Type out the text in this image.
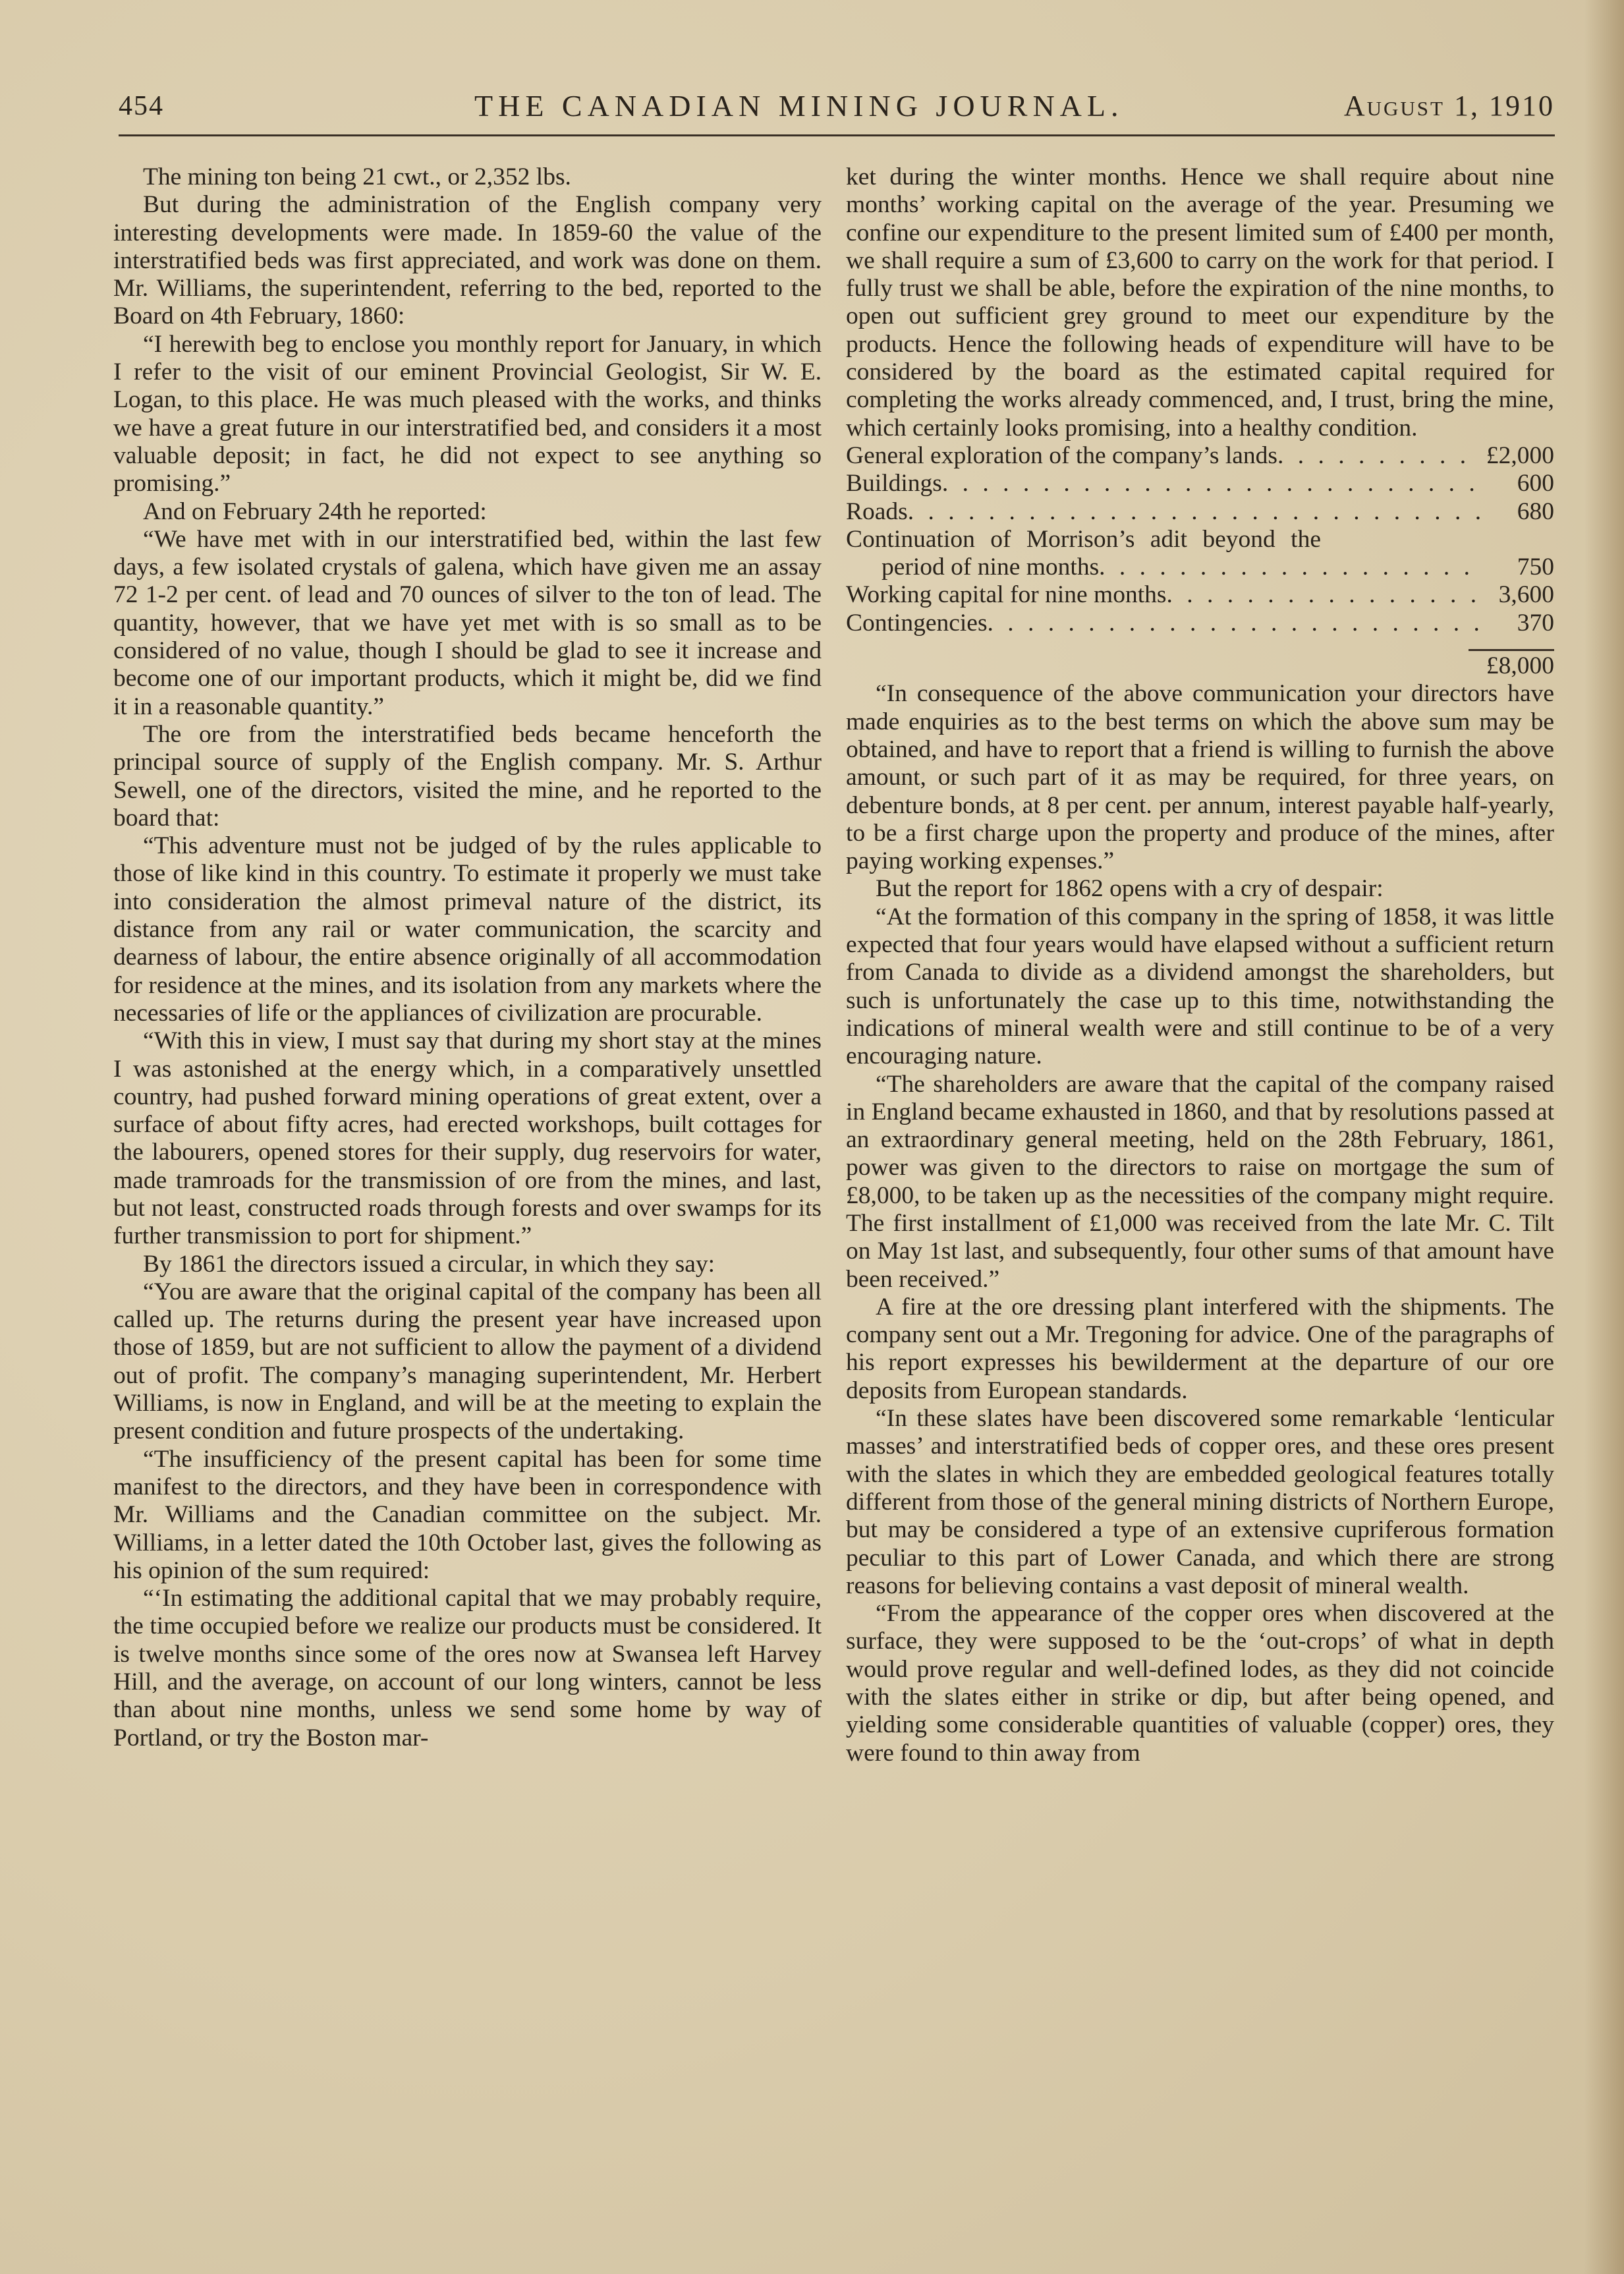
454	THE CANADIAN MINING JOURNAL.	August 1, 1910

The mining ton being 21 cwt., or 2,352 lbs.

But during the administration of the English company very interesting developments were made. In 1859-60 the value of the interstratified beds was first appreciated, and work was done on them. Mr. Williams, the superintendent, referring to the bed, reported to the Board on 4th February, 1860:

“I herewith beg to enclose you monthly report for January, in which I refer to the visit of our eminent Provincial Geologist, Sir W. E. Logan, to this place. He was much pleased with the works, and thinks we have a great future in our interstratified bed, and considers it a most valuable deposit; in fact, he did not expect to see anything so promising.”

And on February 24th he reported:

“We have met with in our interstratified bed, within the last few days, a few isolated crystals of galena, which have given me an assay 72 1-2 per cent. of lead and 70 ounces of silver to the ton of lead. The quantity, however, that we have yet met with is so small as to be considered of no value, though I should be glad to see it increase and become one of our important products, which it might be, did we find it in a reasonable quantity.”

The ore from the interstratified beds became henceforth the principal source of supply of the English company. Mr. S. Arthur Sewell, one of the directors, visited the mine, and he reported to the board that:

“This adventure must not be judged of by the rules applicable to those of like kind in this country. To estimate it properly we must take into consideration the almost primeval nature of the district, its distance from any rail or water communication, the scarcity and dearness of labour, the entire absence originally of all accommodation for residence at the mines, and its isolation from any markets where the necessaries of life or the appliances of civilization are procurable.

“With this in view, I must say that during my short stay at the mines I was astonished at the energy which, in a comparatively unsettled country, had pushed forward mining operations of great extent, over a surface of about fifty acres, had erected workshops, built cottages for the labourers, opened stores for their supply, dug reservoirs for water, made tramroads for the transmission of ore from the mines, and last, but not least, constructed roads through forests and over swamps for its further transmission to port for shipment.”

By 1861 the directors issued a circular, in which they say:

“You are aware that the original capital of the company has been all called up. The returns during the present year have increased upon those of 1859, but are not sufficient to allow the payment of a dividend out of profit. The company’s managing superintendent, Mr. Herbert Williams, is now in England, and will be at the meeting to explain the present condition and future prospects of the undertaking.

“The insufficiency of the present capital has been for some time manifest to the directors, and they have been in correspondence with Mr. Williams and the Canadian committee on the subject. Mr. Williams, in a letter dated the 10th October last, gives the following as his opinion of the sum required:

“‘In estimating the additional capital that we may probably require, the time occupied before we realize our products must be considered. It is twelve months since some of the ores now at Swansea left Harvey Hill, and the average, on account of our long winters, cannot be less than about nine months, unless we send some home by way of Portland, or try the Boston mar-

ket during the winter months. Hence we shall require about nine months’ working capital on the average of the year. Presuming we confine our expenditure to the present limited sum of £400 per month, we shall require a sum of £3,600 to carry on the work for that period. I fully trust we shall be able, before the expiration of the nine months, to open out sufficient grey ground to meet our expenditure by the products. Hence the following heads of expenditure will have to be considered by the board as the estimated capital required for completing the works already commenced, and, I trust, bring the mine, which certainly looks promising, into a healthy condition.

General exploration of the company’s lands . . .	£2,000
Buildings . . .	600
Roads . . .	680
Continuation of Morrison’s adit beyond the
period of nine months . . .	750
Working capital for nine months . . .	3,600
Contingencies . . .	370
£8,000

“In consequence of the above communication your directors have made enquiries as to the best terms on which the above sum may be obtained, and have to report that a friend is willing to furnish the above amount, or such part of it as may be required, for three years, on debenture bonds, at 8 per cent. per annum, interest payable half-yearly, to be a first charge upon the property and produce of the mines, after paying working expenses.”

But the report for 1862 opens with a cry of despair:

“At the formation of this company in the spring of 1858, it was little expected that four years would have elapsed without a sufficient return from Canada to divide as a dividend amongst the shareholders, but such is unfortunately the case up to this time, notwithstanding the indications of mineral wealth were and still continue to be of a very encouraging nature.

“The shareholders are aware that the capital of the company raised in England became exhausted in 1860, and that by resolutions passed at an extraordinary general meeting, held on the 28th February, 1861, power was given to the directors to raise on mortgage the sum of £8,000, to be taken up as the necessities of the company might require. The first installment of £1,000 was received from the late Mr. C. Tilt on May 1st last, and subsequently, four other sums of that amount have been received.”

A fire at the ore dressing plant interfered with the shipments. The company sent out a Mr. Tregoning for advice. One of the paragraphs of his report expresses his bewilderment at the departure of our ore deposits from European standards.

“In these slates have been discovered some remarkable ‘lenticular masses’ and interstratified beds of copper ores, and these ores present with the slates in which they are embedded geological features totally different from those of the general mining districts of Northern Europe, but may be considered a type of an extensive cupriferous formation peculiar to this part of Lower Canada, and which there are strong reasons for believing contains a vast deposit of mineral wealth.

“From the appearance of the copper ores when discovered at the surface, they were supposed to be the ‘out-crops’ of what in depth would prove regular and well-defined lodes, as they did not coincide with the slates either in strike or dip, but after being opened, and yielding some considerable quantities of valuable (copper) ores, they were found to thin away from
